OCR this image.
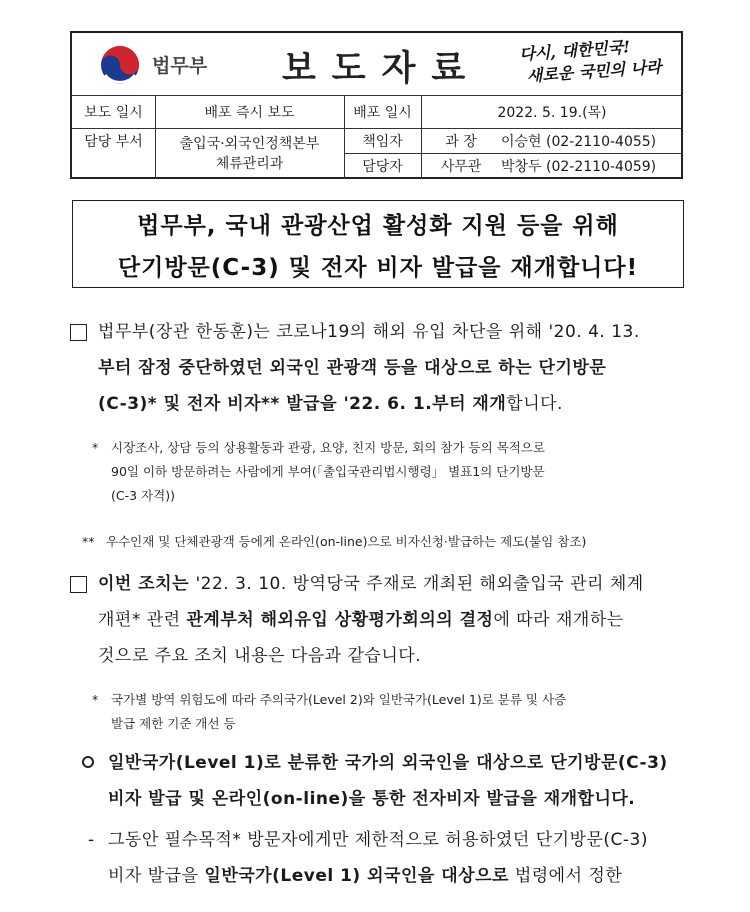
법무부 보도자료 다시, 대한민국!
새로운 국민의 나라
보도 일시	배포 즉시 보도	배포 일시	2022. 5. 19.(목)
담당 부서	출입국·외국인정책본부
체류관리과
책임자	과 장	이승현 (02-2110-4055)
담당자	사무관	박창두 (02-2110-4059)
법무부, 국내 관광산업 활성화 지원 등을 위해
단기방문(C-3) 및 전자 비자 발급을 재개합니다!
법무부(장관 한동훈)는 코로나19의 해외 유입 차단을 위해 '20. 4. 13.
부터 잠정 중단하였던 외국인 관광객 등을 대상으로 하는 단기방문
(C-3)* 및 전자 비자** 발급을 '22. 6. 1.부터 재개합니다.
* 시장조사, 상담 등의 상용활동과 관광, 요양, 친지 방문, 회의 참가 등의 목적으로
90일 이하 방문하려는 사람에게 부여(「출입국관리법시행령」 별표1의 단기방문
(C-3 자격))
** 우수인재 및 단체관광객 등에게 온라인(on-line)으로 비자신청·발급하는 제도(붙임 참조)
이번 조치는 '22. 3. 10. 방역당국 주재로 개최된 해외출입국 관리 체계
개편* 관련 관계부처 해외유입 상황평가회의의 결정에 따라 재개하는
것으로 주요 조치 내용은 다음과 같습니다.
* 국가별 방역 위험도에 따라 주의국가(Level 2)와 일반국가(Level 1)로 분류 및 사증
발급 제한 기준 개선 등
일반국가(Level 1)로 분류한 국가의 외국인을 대상으로 단기방문(C-3)
비자 발급 및 온라인(on-line)을 통한 전자비자 발급을 재개합니다.
- 그동안 필수목적* 방문자에게만 제한적으로 허용하였던 단기방문(C-3)
비자 발급을 일반국가(Level 1) 외국인을 대상으로 법령에서 정한
